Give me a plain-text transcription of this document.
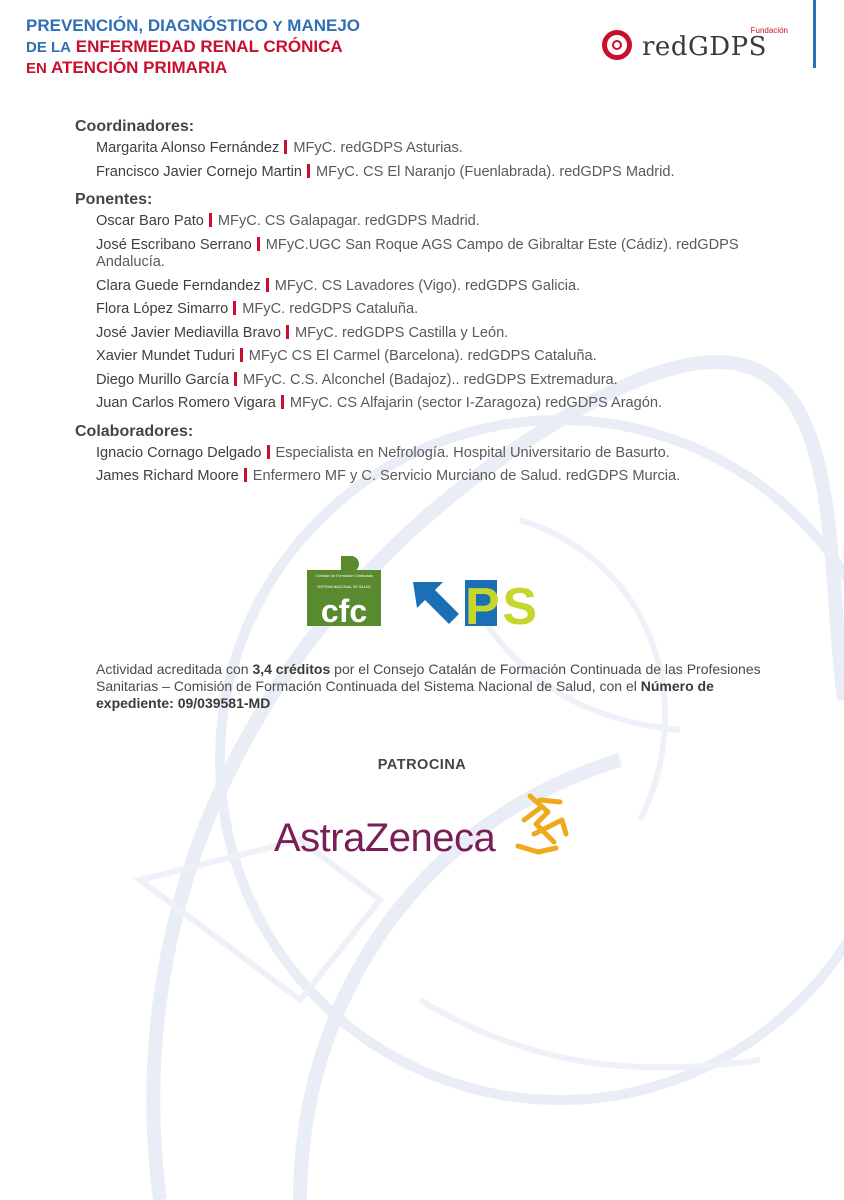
PREVENCIÓN, DIAGNÓSTICO Y MANEJO
DE LA ENFERMEDAD RENAL CRÓNICA
EN ATENCIÓN PRIMARIA
Fundación
redGDPS
Coordinadores:
Margarita Alonso Fernández MFyC. redGDPS Asturias.
Francisco Javier Cornejo Martin MFyC. CS El Naranjo (Fuenlabrada). redGDPS Madrid.
Ponentes:
Oscar Baro Pato MFyC. CS Galapagar. redGDPS Madrid.
José Escribano Serrano MFyC.UGC San Roque AGS Campo de Gibraltar Este (Cádiz). redGDPS Andalucía.
Clara Guede Ferndandez MFyC. CS Lavadores (Vigo). redGDPS Galicia.
Flora López Simarro MFyC. redGDPS Cataluña.
José Javier Mediavilla Bravo MFyC. redGDPS Castilla y León.
Xavier Mundet Tuduri MFyC CS El Carmel (Barcelona). redGDPS Cataluña.
Diego Murillo García MFyC. C.S. Alconchel (Badajoz).. redGDPS Extremadura.
Juan Carlos Romero Vigara MFyC. CS Alfajarin (sector I-Zaragoza) redGDPS Aragón.
Colaboradores:
Ignacio Cornago Delgado Especialista en Nefrología. Hospital Universitario de Basurto.
James Richard Moore Enfermero MF y C. Servicio Murciano de Salud. redGDPS Murcia.
Comisión de Formación Continuada
SISTEMA NACIONAL DE SALUD
cfc PS

Actividad acreditada con 3,4 créditos por el Consejo Catalán de Formación Continuada de las Profesiones Sanitarias – Comisión de Formación Continuada del Sistema Nacional de Salud, con el Número de expediente: 09/039581-MD

PATROCINA
AstraZeneca
